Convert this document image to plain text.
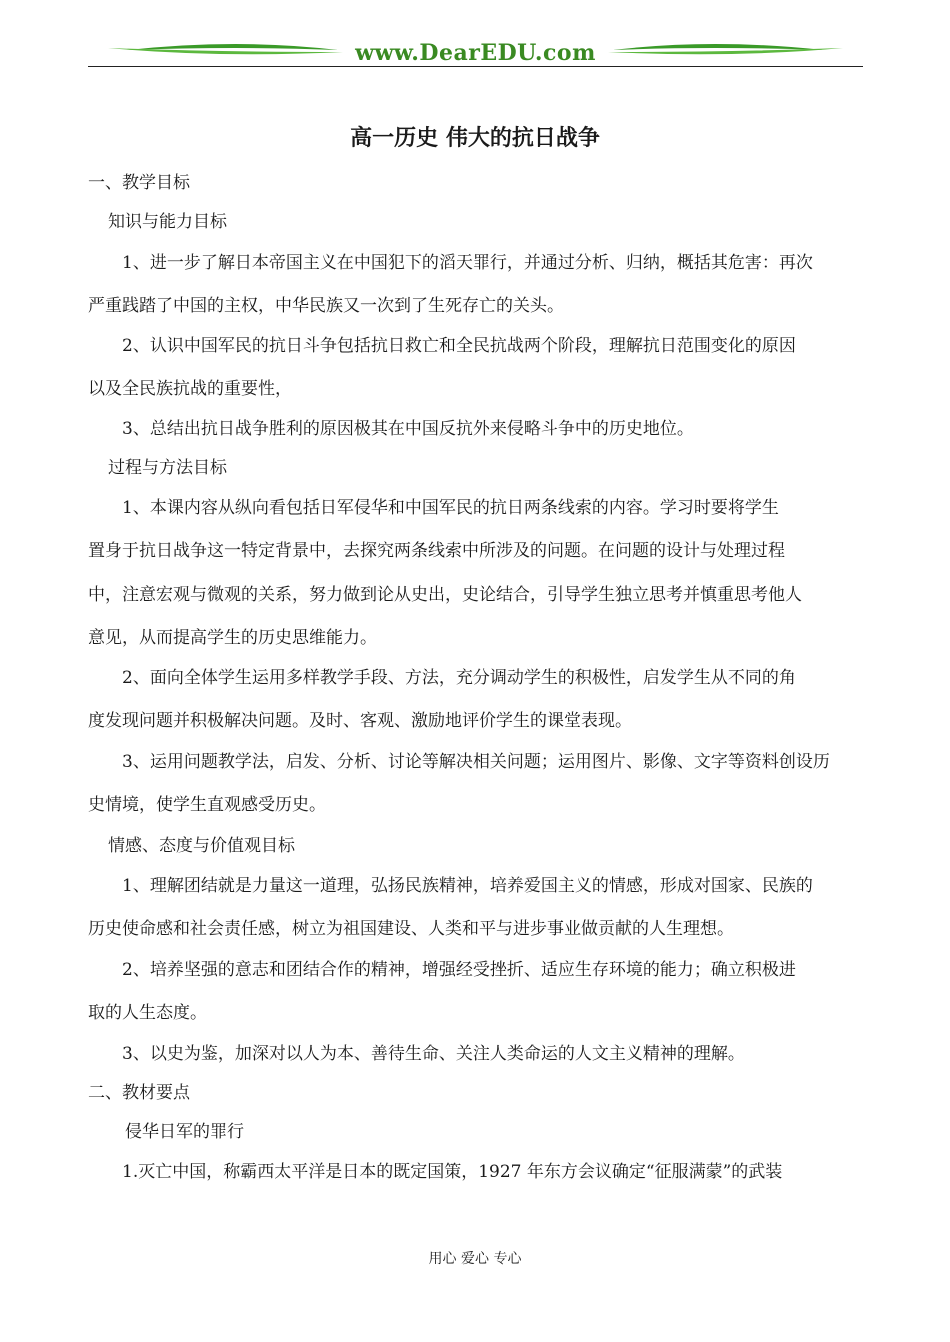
www.DearEDU.com
高一历史 伟大的抗日战争
一、教学目标
知识与能力目标
1、进一步了解日本帝国主义在中国犯下的滔天罪行，并通过分析、归纳，概括其危害：再次
严重践踏了中国的主权，中华民族又一次到了生死存亡的关头。
2、认识中国军民的抗日斗争包括抗日救亡和全民抗战两个阶段，理解抗日范围变化的原因
以及全民族抗战的重要性，
3、总结出抗日战争胜利的原因极其在中国反抗外来侵略斗争中的历史地位。
过程与方法目标
1、本课内容从纵向看包括日军侵华和中国军民的抗日两条线索的内容。学习时要将学生
置身于抗日战争这一特定背景中，去探究两条线索中所涉及的问题。在问题的设计与处理过程
中，注意宏观与微观的关系，努力做到论从史出，史论结合，引导学生独立思考并慎重思考他人
意见，从而提高学生的历史思维能力。
2、面向全体学生运用多样教学手段、方法，充分调动学生的积极性，启发学生从不同的角
度发现问题并积极解决问题。及时、客观、激励地评价学生的课堂表现。
3、运用问题教学法，启发、分析、讨论等解决相关问题；运用图片、影像、文字等资料创设历
史情境，使学生直观感受历史。
情感、态度与价值观目标
1、理解团结就是力量这一道理，弘扬民族精神，培养爱国主义的情感，形成对国家、民族的
历史使命感和社会责任感，树立为祖国建设、人类和平与进步事业做贡献的人生理想。
2、培养坚强的意志和团结合作的精神，增强经受挫折、适应生存环境的能力；确立积极进
取的人生态度。
3、以史为鉴，加深对以人为本、善待生命、关注人类命运的人文主义精神的理解。
二、教材要点
侵华日军的罪行
1.灭亡中国，称霸西太平洋是日本的既定国策，1927 年东方会议确定“征服满蒙”的武装
用心 爱心 专心
